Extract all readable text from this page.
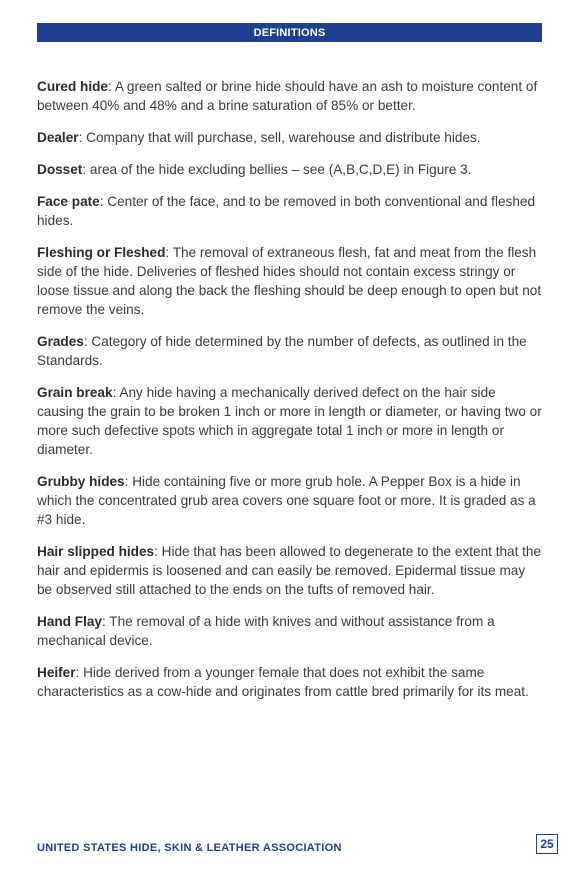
DEFINITIONS

Cured hide: A green salted or brine hide should have an ash to moisture content of between 40% and 48% and a brine saturation of 85% or better.

Dealer: Company that will purchase, sell, warehouse and distribute hides.

Dosset: area of the hide excluding bellies – see (A,B,C,D,E) in Figure 3.

Face pate: Center of the face, and to be removed in both conventional and fleshed hides.

Fleshing or Fleshed: The removal of extraneous flesh, fat and meat from the flesh side of the hide. Deliveries of fleshed hides should not contain excess stringy or loose tissue and along the back the fleshing should be deep enough to open but not remove the veins.

Grades: Category of hide determined by the number of defects, as outlined in the Standards.

Grain break: Any hide having a mechanically derived defect on the hair side causing the grain to be broken 1 inch or more in length or diameter, or having two or more such defective spots which in aggregate total 1 inch or more in length or diameter.

Grubby hides: Hide containing five or more grub hole. A Pepper Box is a hide in which the concentrated grub area covers one square foot or more. It is graded as a #3 hide.

Hair slipped hides: Hide that has been allowed to degenerate to the extent that the hair and epidermis is loosened and can easily be removed. Epidermal tissue may be observed still attached to the ends on the tufts of removed hair.

Hand Flay: The removal of a hide with knives and without assistance from a mechanical device.

Heifer: Hide derived from a younger female that does not exhibit the same characteristics as a cow-hide and originates from cattle bred primarily for its meat.

UNITED STATES HIDE, SKIN & LEATHER ASSOCIATION	25
